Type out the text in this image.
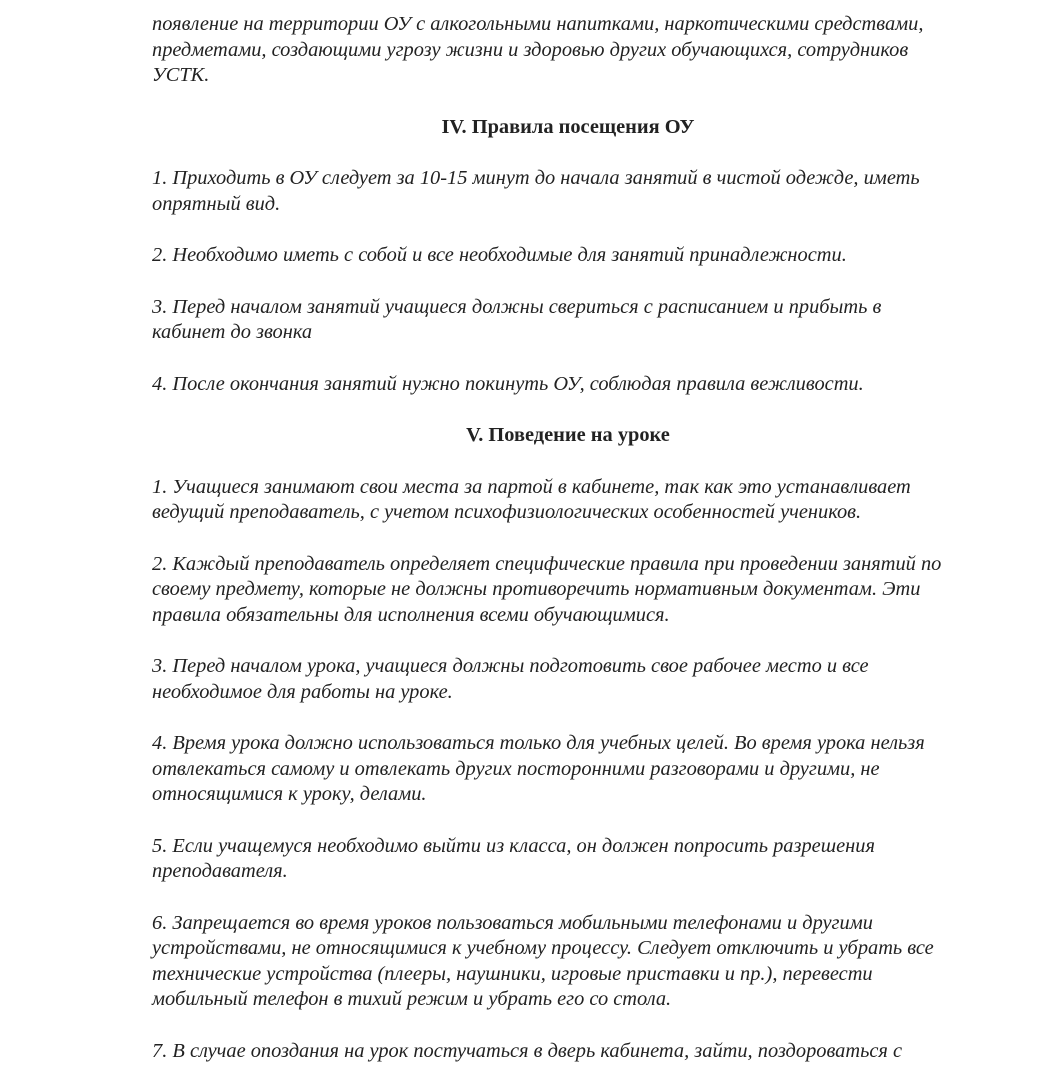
появление на территории ОУ с алкогольными напитками, наркотическими средствами,
предметами, создающими угрозу жизни и здоровью других обучающихся, сотрудников
УСТК.

IV. Правила посещения ОУ

1. Приходить в ОУ следует за 10-15 минут до начала занятий в чистой одежде, иметь
опрятный вид.

2. Необходимо иметь с собой и все необходимые для занятий принадлежности.

3. Перед началом занятий учащиеся должны свериться с расписанием и прибыть в
кабинет до звонка

4. После окончания занятий нужно покинуть ОУ, соблюдая правила вежливости.

V. Поведение на уроке

1. Учащиеся занимают свои места за партой в кабинете, так как это устанавливает
ведущий преподаватель, с учетом психофизиологических особенностей учеников.

2. Каждый преподаватель определяет специфические правила при проведении занятий по
своему предмету, которые не должны противоречить нормативным документам. Эти
правила обязательны для исполнения всеми обучающимися.

3. Перед началом урока, учащиеся должны подготовить свое рабочее место и все
необходимое для работы на уроке.

4. Время урока должно использоваться только для учебных целей. Во время урока нельзя
отвлекаться самому и отвлекать других посторонними разговорами и другими, не
относящимися к уроку, делами.

5. Если учащемуся необходимо выйти из класса, он должен попросить разрешения
преподавателя.

6. Запрещается во время уроков пользоваться мобильными телефонами и другими
устройствами, не относящимися к учебному процессу. Следует отключить и убрать все
технические устройства (плееры, наушники, игровые приставки и пр.), перевести
мобильный телефон в тихий режим и убрать его со стола.

7. В случае опоздания на урок постучаться в дверь кабинета, зайти, поздороваться с
